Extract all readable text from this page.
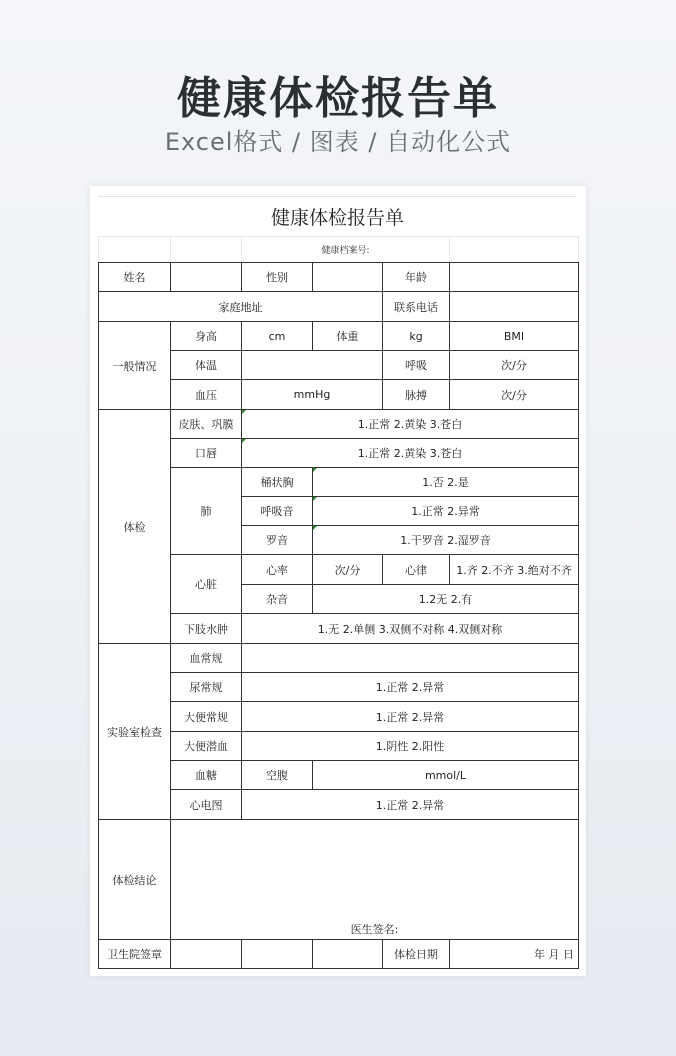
健康体检报告单
Excel格式 / 图表 / 自动化公式
健康体检报告单
		健康档案号:			
姓名		性别		年龄	
家庭地址				联系电话	
一般情况	身高	cm	体重	kg	BMI
	体温			呼吸	次/分
	血压	mmHg		脉搏	次/分
体检	皮肤、巩膜	1.正常 2.黄染 3.苍白			
	口唇	1.正常 2.黄染 3.苍白			
	肺	桶状胸	1.否 2.是		
		呼吸音	1.正常 2.异常		
		罗音	1.干罗音 2.湿罗音		
	心脏	心率	次/分	心律	1.齐 2.不齐 3.绝对不齐
		杂音	1.2无 2.有		
	下肢水肿	1.无 2.单侧 3.双侧不对称 4.双侧对称			
实验室检查	血常规				
	尿常规	1.正常 2.异常			
	大便常规	1.正常 2.异常			
	大便潜血	1.阴性 2.阳性			
	血糖	空腹	mmol/L		
	心电图	1.正常 2.异常			
体检结论	医生签名:				

卫生院签章				体检日期	年 月 日
